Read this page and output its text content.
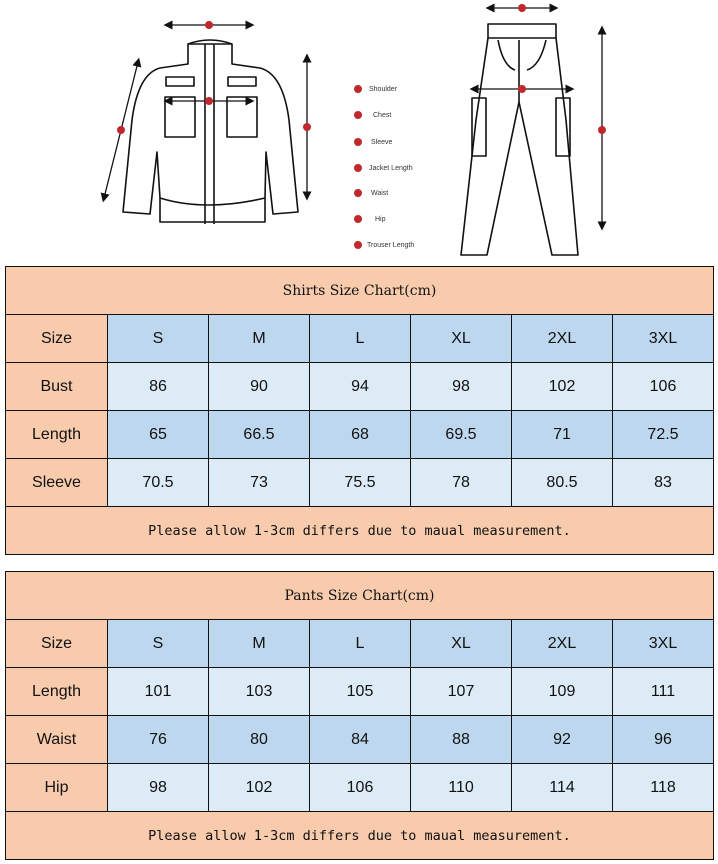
Shoulder
Chest
Sleeve
Jacket Length
Waist
Hip
Trouser Length
Shirts Size Chart(cm)						
Size	S	M	L	XL	2XL	3XL
Bust	86	90	94	98	102	106
Length	65	66.5	68	69.5	71	72.5
Sleeve	70.5	73	75.5	78	80.5	83
Please allow 1-3cm differs due to maual measurement.						
Pants Size Chart(cm)						
Size	S	M	L	XL	2XL	3XL
Length	101	103	105	107	109	111
Waist	76	80	84	88	92	96
Hip	98	102	106	110	114	118
Please allow 1-3cm differs due to maual measurement.						
